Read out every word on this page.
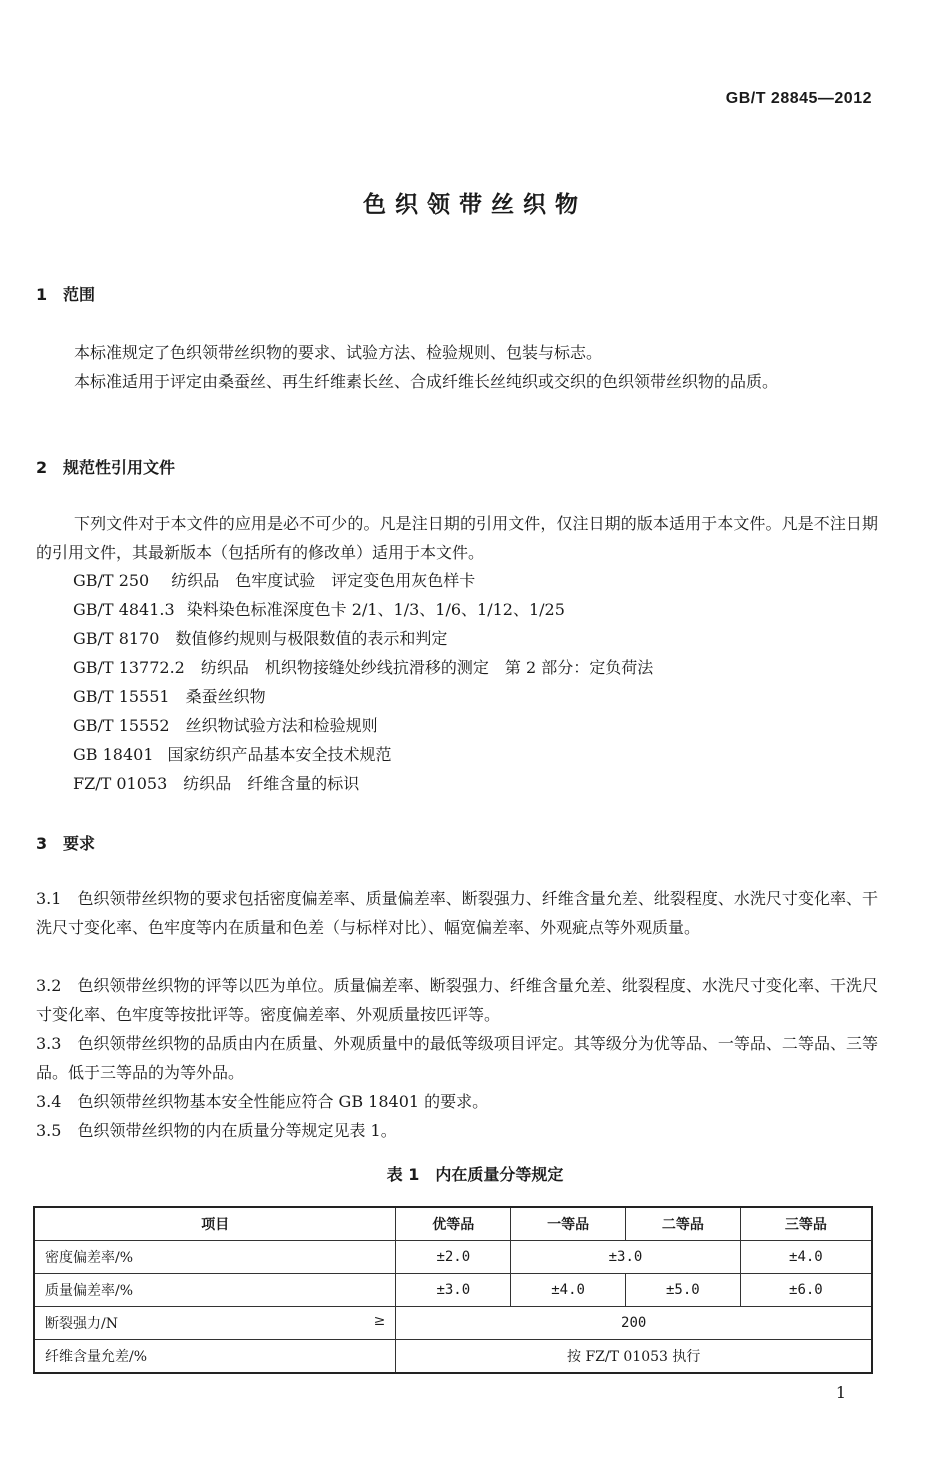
GB/T 28845—2012
色织领带丝织物
1 范围
本标准规定了色织领带丝织物的要求、试验方法、检验规则、包装与标志。
本标准适用于评定由桑蚕丝、再生纤维素长丝、合成纤维长丝纯织或交织的色织领带丝织物的品质。
2 规范性引用文件
下列文件对于本文件的应用是必不可少的。凡是注日期的引用文件，仅注日期的版本适用于本文件。凡是不注日期的引用文件，其最新版本（包括所有的修改单）适用于本文件。
GB/T 250 纺织品　色牢度试验　评定变色用灰色样卡
GB/T 4841.3 染料染色标准深度色卡 2/1、1/3、1/6、1/12、1/25
GB/T 8170 数值修约规则与极限数值的表示和判定
GB/T 13772.2 纺织品　机织物接缝处纱线抗滑移的测定　第 2 部分：定负荷法
GB/T 15551 桑蚕丝织物
GB/T 15552 丝织物试验方法和检验规则
GB 18401 国家纺织产品基本安全技术规范
FZ/T 01053 纺织品　纤维含量的标识
3 要求
3.1　 色织领带丝织物的要求包括密度偏差率、质量偏差率、断裂强力、纤维含量允差、纰裂程度、水洗尺寸变化率、干洗尺寸变化率、色牢度等内在质量和色差（与标样对比）、幅宽偏差率、外观疵点等外观质量。
3.2　 色织领带丝织物的评等以匹为单位。质量偏差率、断裂强力、纤维含量允差、纰裂程度、水洗尺寸变化率、干洗尺寸变化率、色牢度等按批评等。密度偏差率、外观质量按匹评等。
3.3　 色织领带丝织物的品质由内在质量、外观质量中的最低等级项目评定。其等级分为优等品、一等品、二等品、三等品。低于三等品的为等外品。
3.4　 色织领带丝织物基本安全性能应符合 GB 18401 的要求。
3.5　 色织领带丝织物的内在质量分等规定见表 1。
表 1　内在质量分等规定
项目	优等品	一等品	二等品	三等品
密度偏差率/%	±2.0	±3.0		±4.0
质量偏差率/%	±3.0	±4.0	±5.0	±6.0
断裂强力/N ≥	200			
纤维含量允差/%	按 FZ/T 01053 执行			
1
